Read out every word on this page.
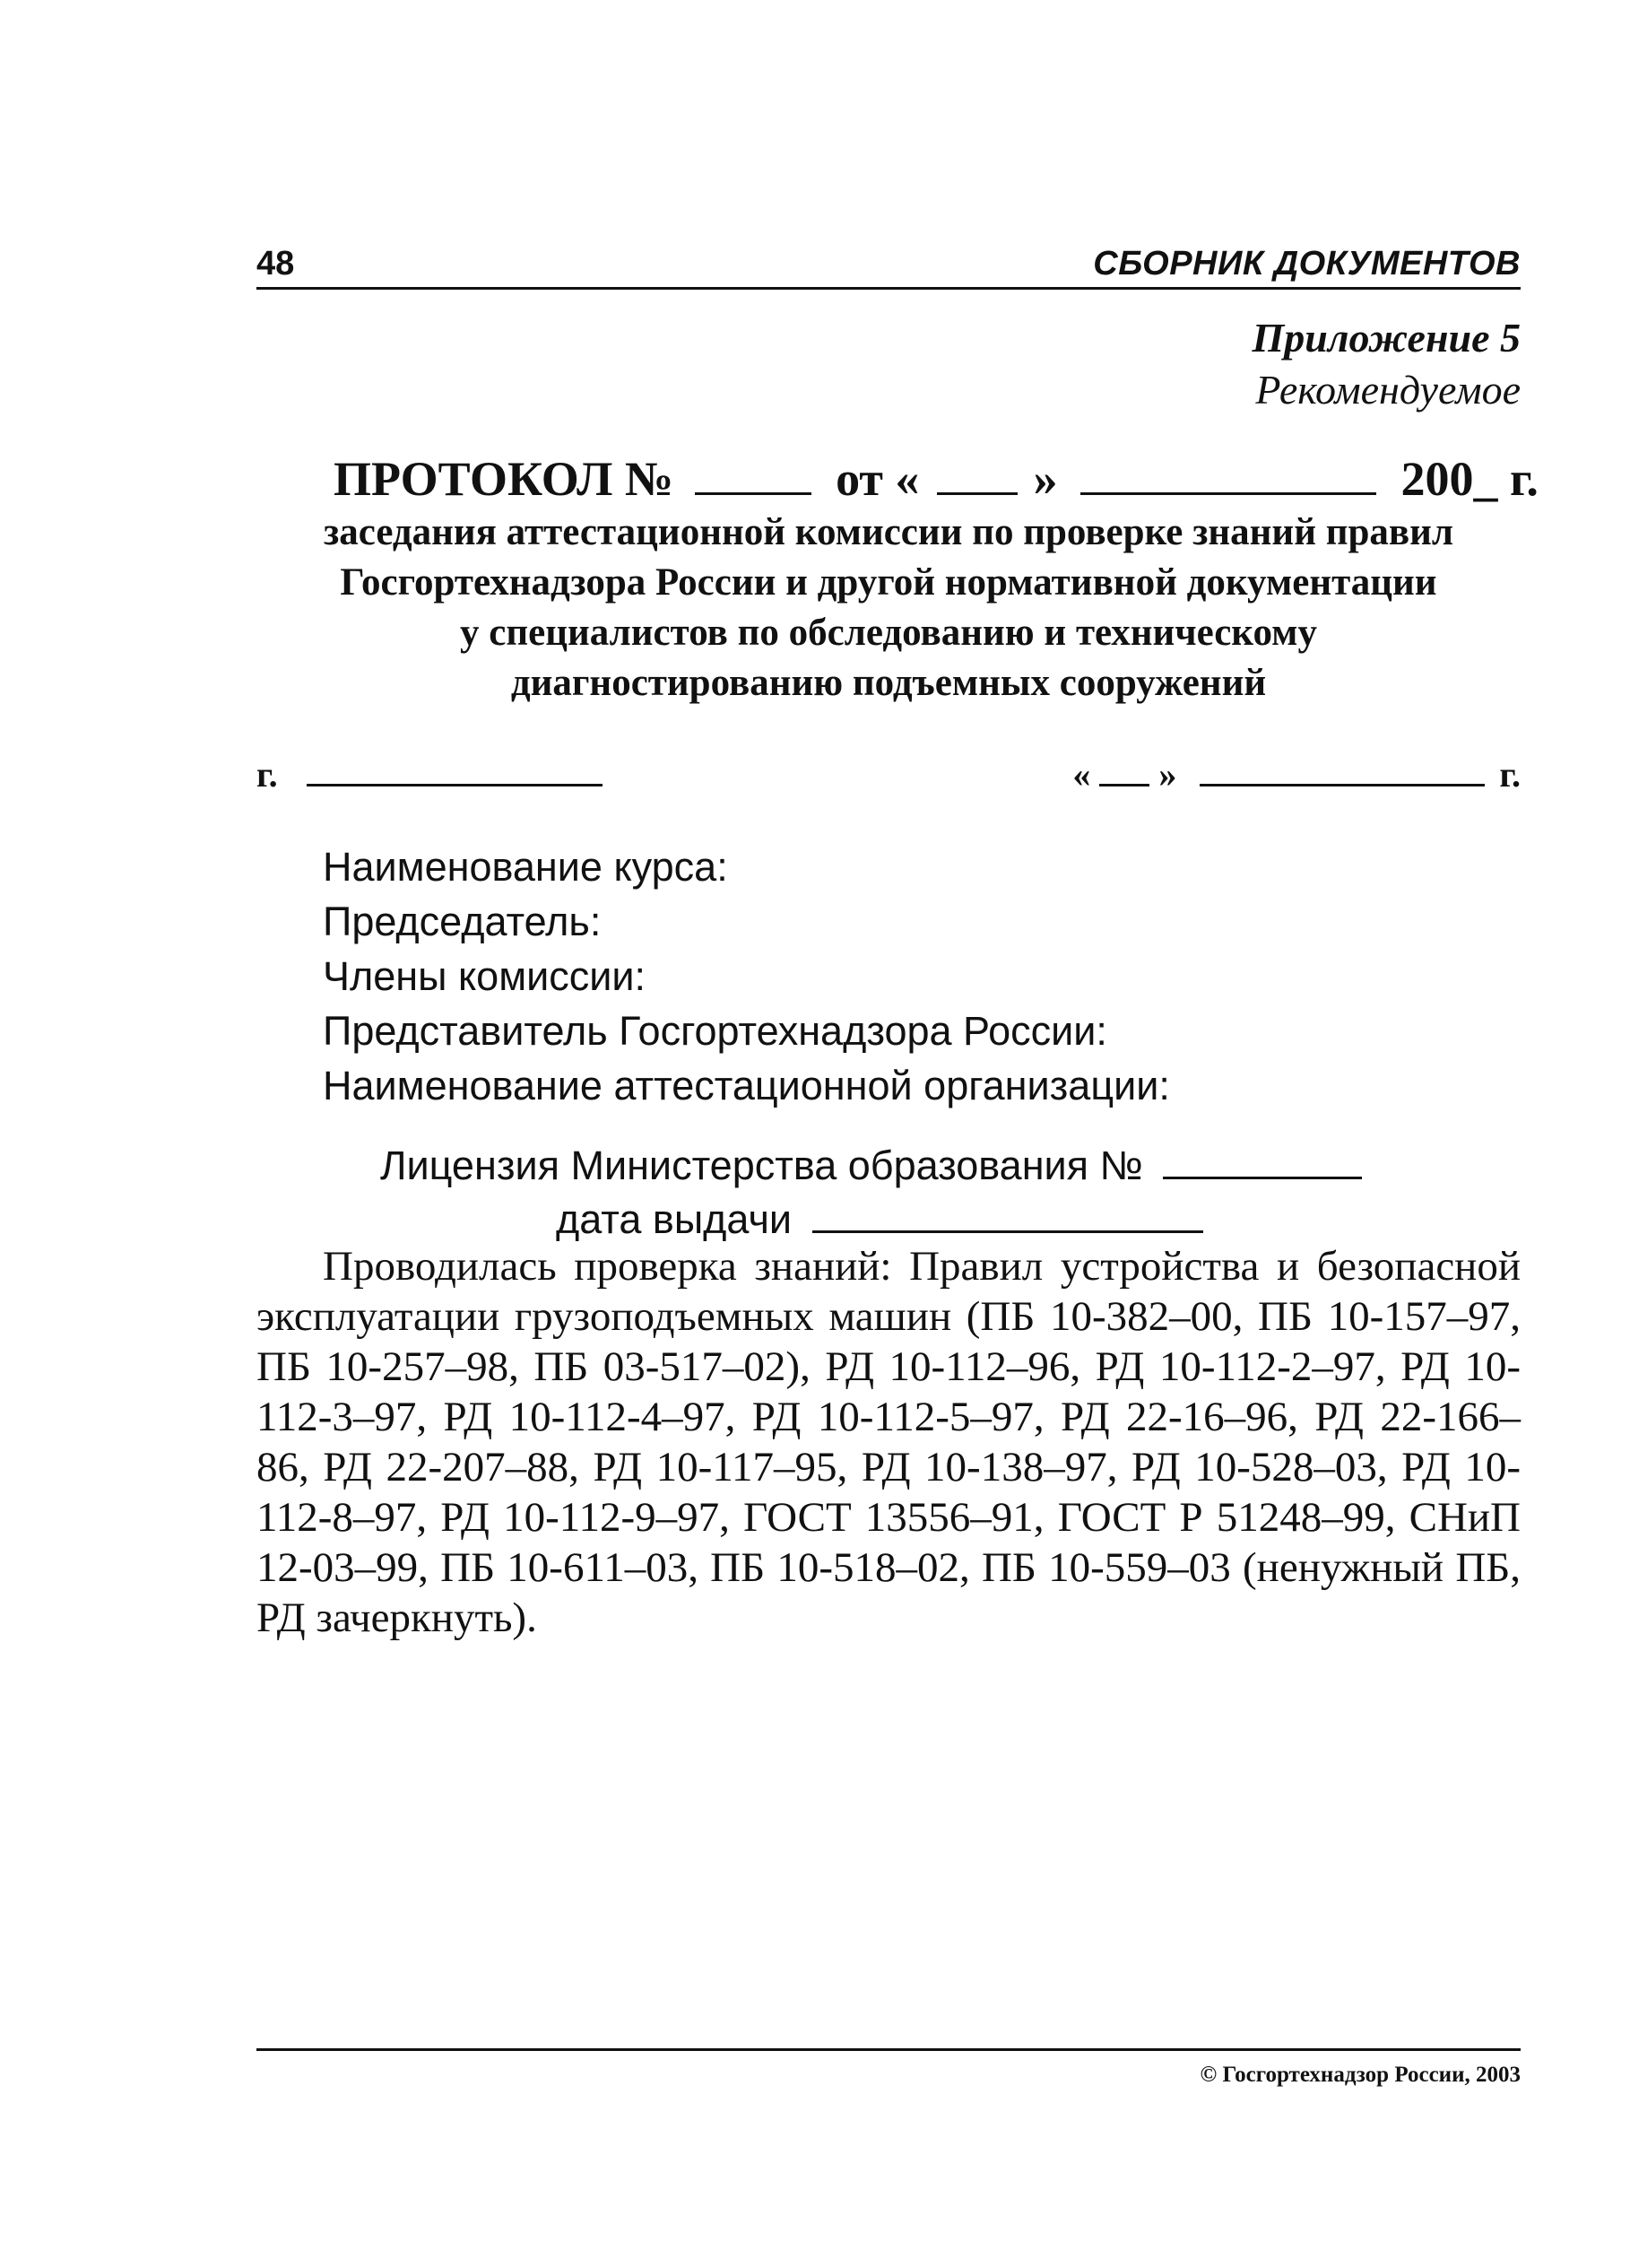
48	СБОРНИК ДОКУМЕНТОВ
Приложение 5
Рекомендуемое
ПРОТОКОЛ №	от « »	200_ г.
заседания аттестационной комиссии по проверке знаний правил
Госгортехнадзора России и другой нормативной документации
у специалистов по обследованию и техническому
диагностированию подъемных сооружений
г.	« »	г.
Наименование курса:
Председатель:
Члены комиссии:
Представитель Госгортехнадзора России:
Наименование аттестационной организации:
Лицензия Министерства образования №
дата выдачи
Проводилась проверка знаний: Правил устройства и безопасной эксплуатации грузоподъемных машин (ПБ 10-382–00, ПБ 10-157–97, ПБ 10-257–98, ПБ 03-517–02), РД 10-112–96, РД 10-112-2–97, РД 10-112-3–97, РД 10-112-4–97, РД 10-112-5–97, РД 22-16–96, РД 22-166–86, РД 22-207–88, РД 10-117–95, РД 10-138–97, РД 10-528–03, РД 10-112-8–97, РД 10-112-9–97, ГОСТ 13556–91, ГОСТ Р 51248–99, СНиП 12-03–99, ПБ 10-611–03, ПБ 10-518–02, ПБ 10-559–03 (ненужный ПБ, РД зачеркнуть).
© Госгортехнадзор России, 2003
